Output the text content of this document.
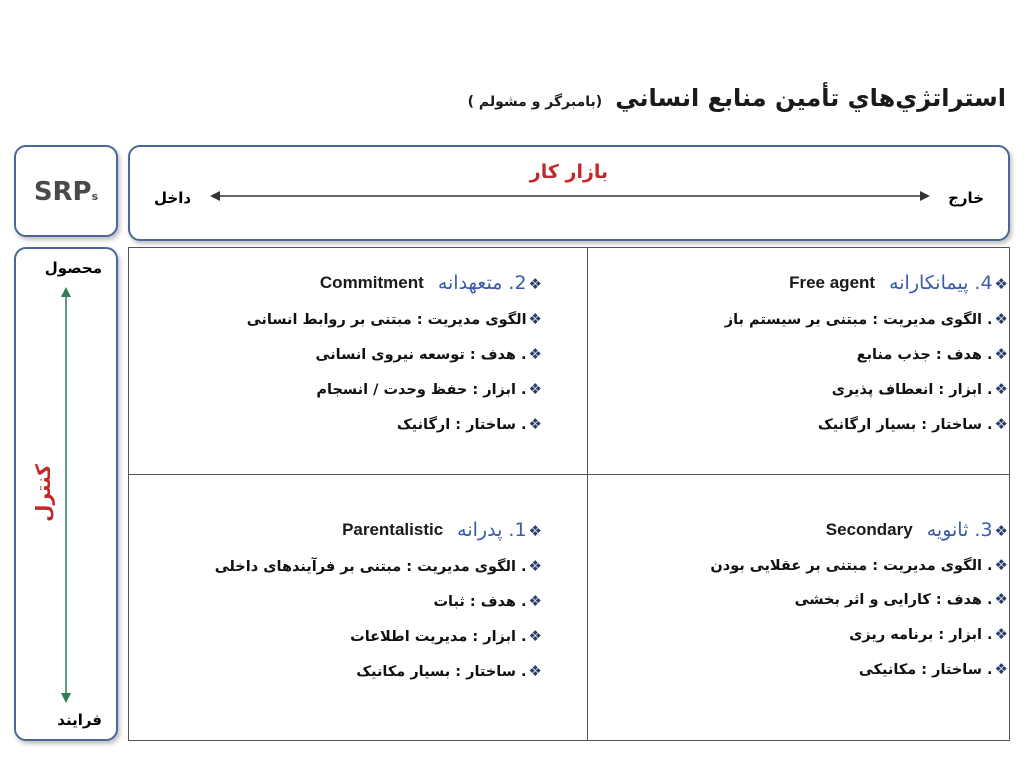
استراتژي‌هاي تأمين منابع انساني (بامبرگر و مشولم )
SRPs
بازار کار
داخل	خارج
محصول
کنترل
فرایند
❖4. پیمانکارانه
Free agent
❖. الگوی مدیریت : مبتنی بر سیستم باز
❖. هدف : جذب منابع
❖. ابزار : انعطاف پذیری
❖. ساختار : بسیار ارگانیک
❖2. متعهدانه
Commitment
❖الگوی مدیریت : مبتنی بر روابط انسانی
❖. هدف : توسعه نیروی انسانی
❖. ابزار : حفظ وحدت / انسجام
❖. ساختار : ارگانیک
❖3. ثانویه
Secondary
❖. الگوی مدیریت : مبتنی بر عقلایی بودن
❖. هدف : کارایی و اثر بخشی
❖. ابزار : برنامه ریزی
❖. ساختار : مکانیکی
❖1. پدرانه
Parentalistic
❖. الگوی مدیریت : مبتنی بر فرآیندهای داخلی
❖. هدف : ثبات
❖. ابزار : مدیریت اطلاعات
❖. ساختار : بسیار مکانیک
